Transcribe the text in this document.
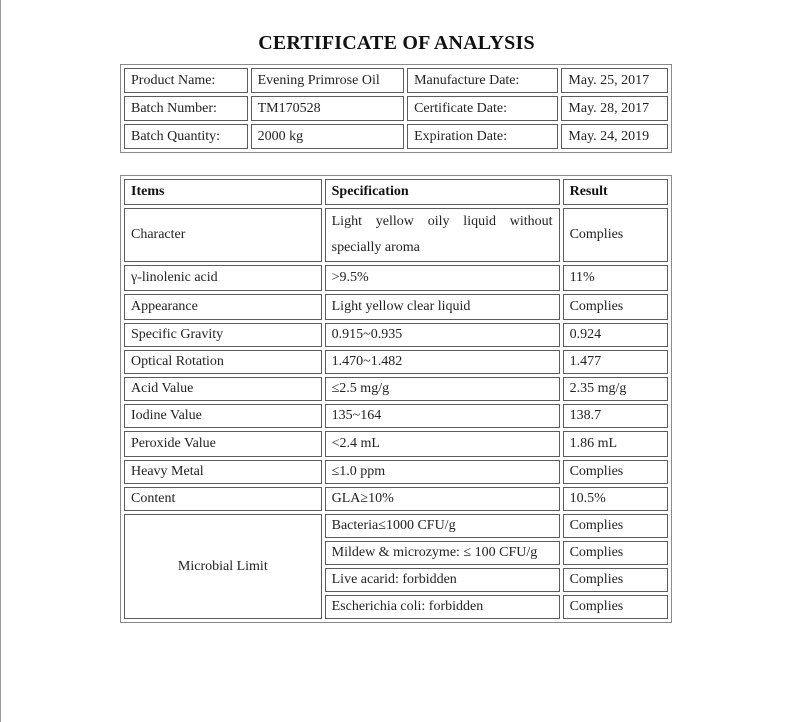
CERTIFICATE OF ANALYSIS
Product Name:	Evening Primrose Oil	Manufacture Date:	May. 25, 2017
Batch Number:	TM170528	Certificate Date:	May. 28, 2017
Batch Quantity:	2000 kg	Expiration Date:	May. 24, 2019
Items	Specification	Result
Character	Light yellow oily liquid without specially aroma	Complies
γ-linolenic acid	>9.5%	11%
Appearance	Light yellow clear liquid	Complies
Specific Gravity	0.915~0.935	0.924
Optical Rotation	1.470~1.482	1.477
Acid Value	≤2.5 mg/g	2.35 mg/g
Iodine Value	135~164	138.7
Peroxide Value	<2.4 mL	1.86 mL
Heavy Metal	≤1.0 ppm	Complies
Content	GLA≥10%	10.5%
Microbial Limit	Bacteria≤1000 CFU/g	Complies
	Mildew & microzyme: ≤ 100 CFU/g	Complies
	Live acarid: forbidden	Complies
	Escherichia coli: forbidden	Complies
